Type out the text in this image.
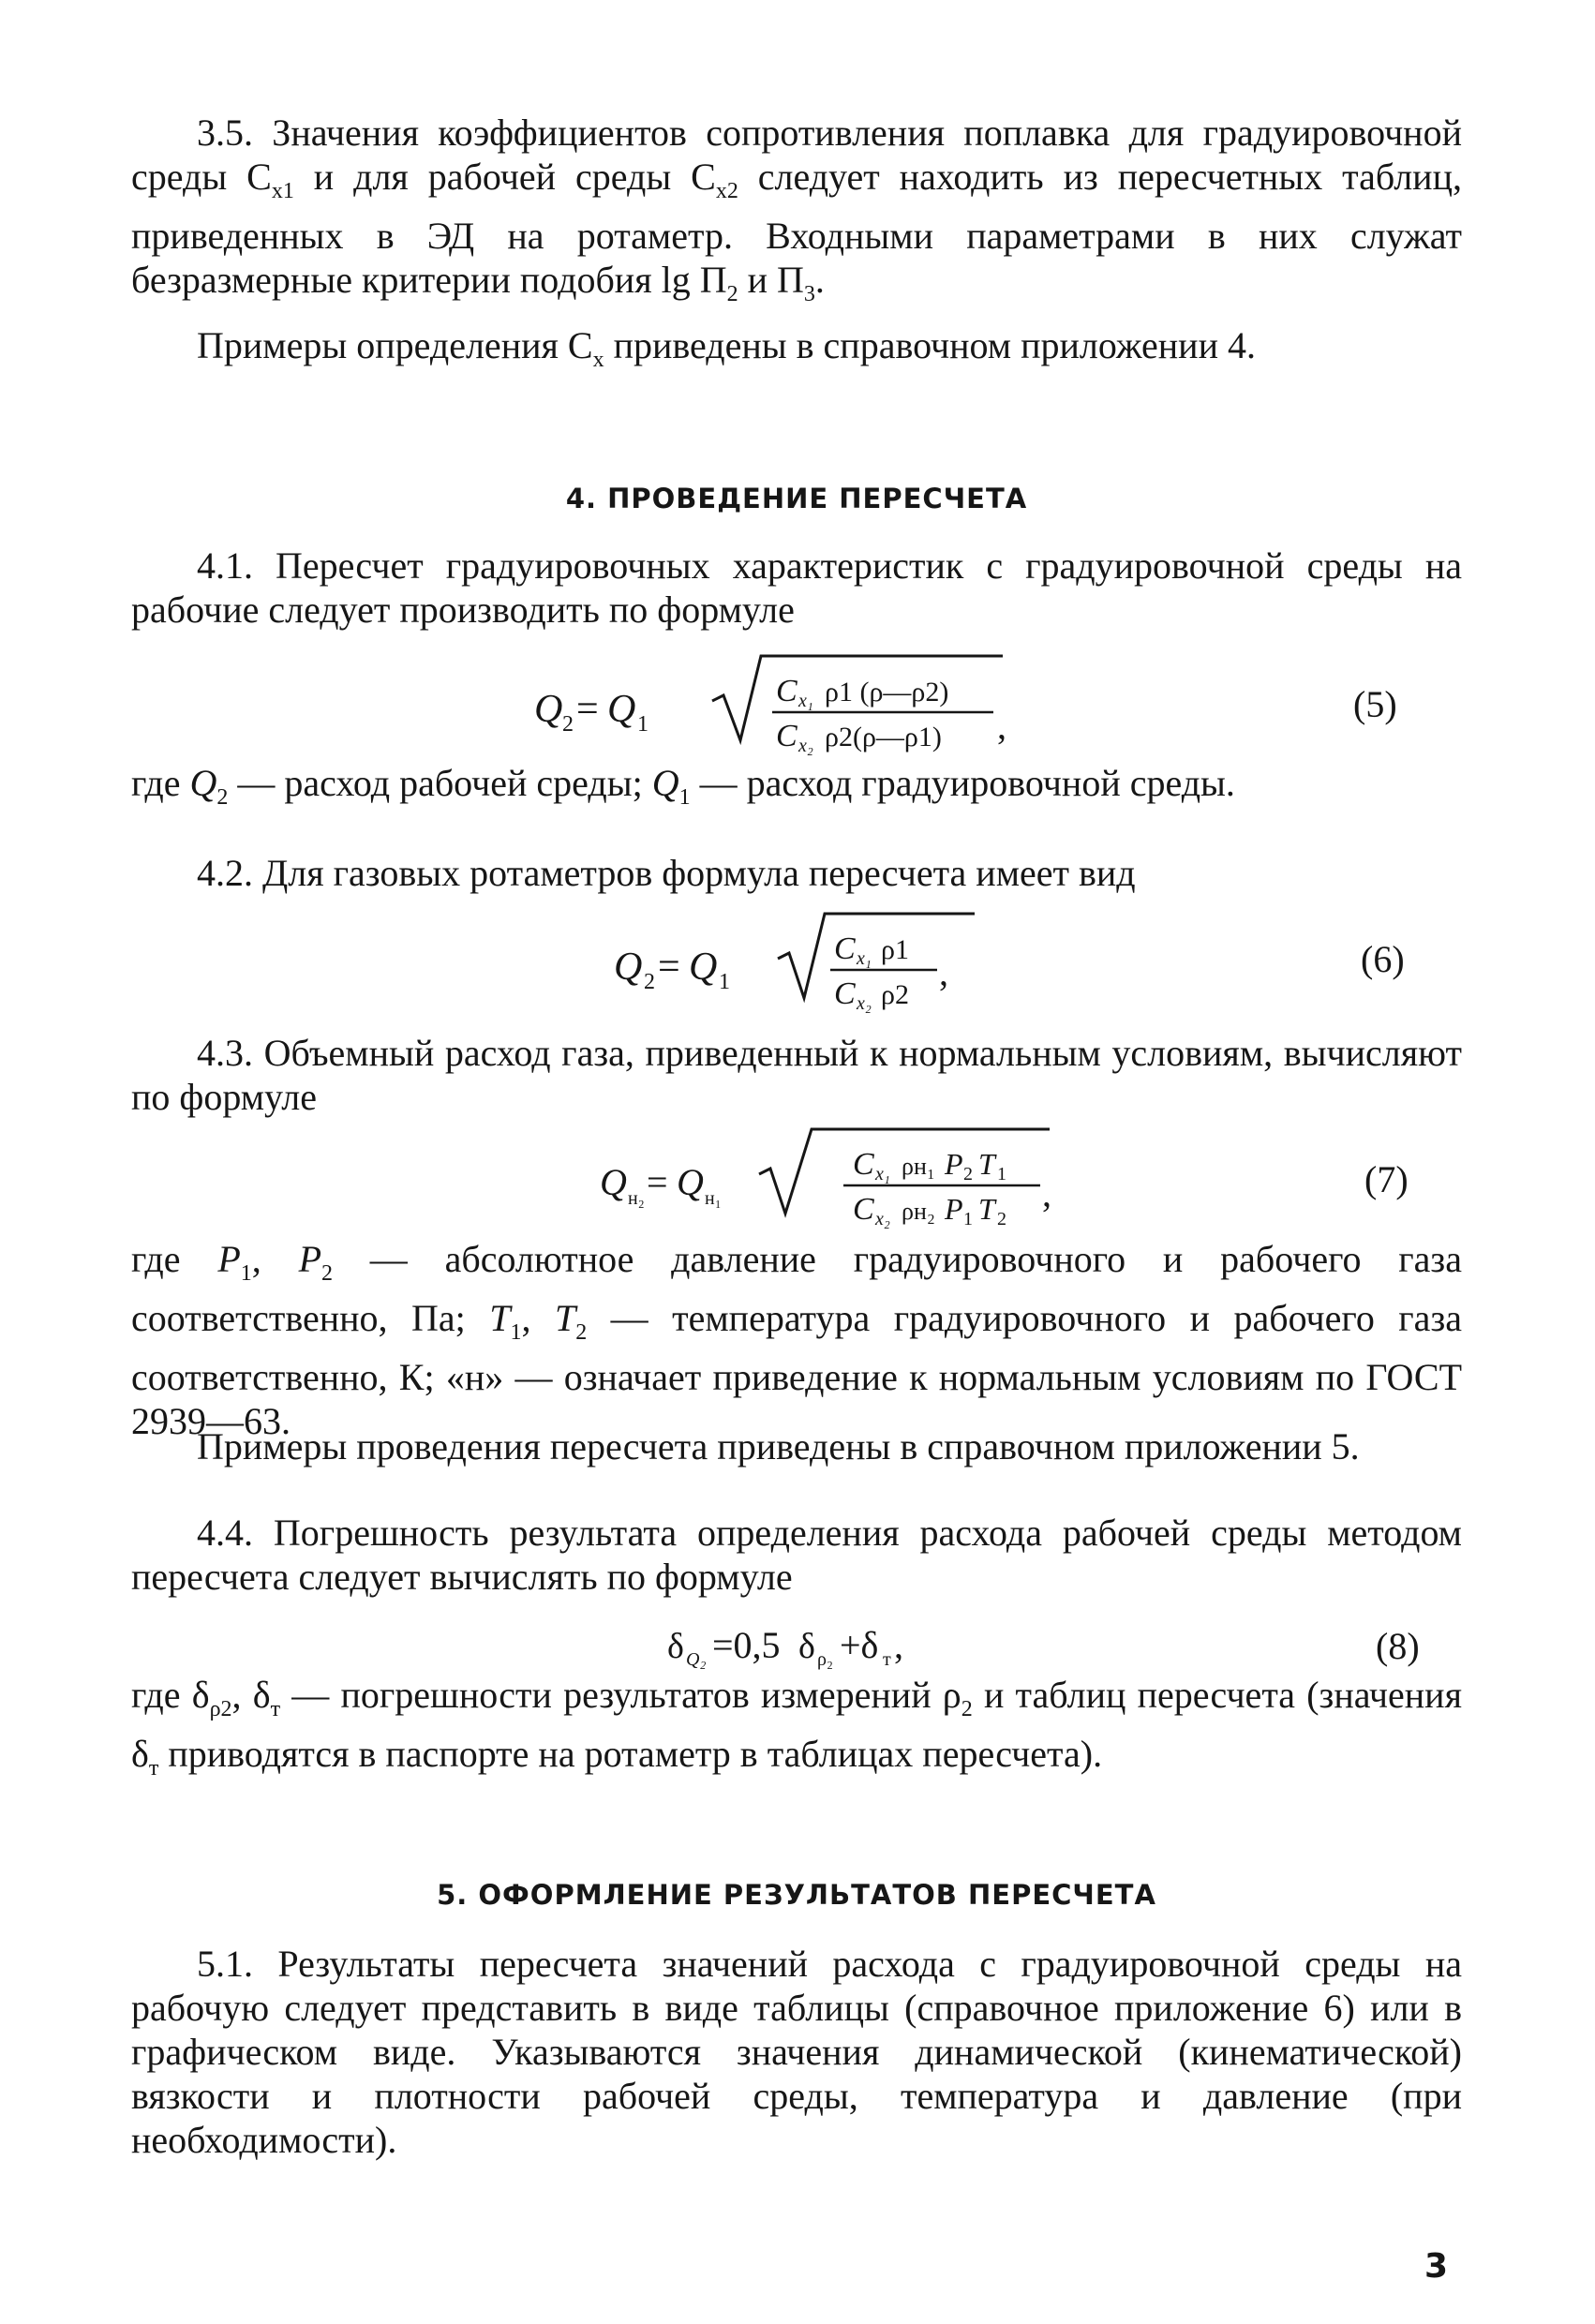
3.5. Значения коэффициентов сопротивления поплавка для градуировочной среды $C_{x1}$ и для рабочей среды $C_{x2}$ следует находить из пересчетных таблиц, приведенных в ЭД на ротаметр. Входными параметрами в них служат безразмерные критерии подобия $\lg П_2$ и $П_3$.

Примеры определения $C_x$ приведены в справочном приложении 4.

4. ПРОВЕДЕНИЕ ПЕРЕСЧЕТА

4.1. Пересчет градуировочных характеристик с градуировочной среды на рабочие следует производить по формуле

Q 2 = Q 1
C x₁ ρ1 (ρ—ρ2)
C x₂ ρ2(ρ—ρ1) ,
(5)

где $Q_2$ — расход рабочей среды; $Q_1$ — расход градуировочной среды.

4.2. Для газовых ротаметров формула пересчета имеет вид

Q 2 = Q 1
C x₁ ρ1
C x₂ ρ2
,	(6)

4.3. Объемный расход газа, приведенный к нормальным условиям, вычисляют по формуле

Q н₂ = Q н₁
C x₁ ρн₁ P 2 T 1
C x₂ ρн₂ P 1 T 2
,	(7)

где $P_1$, $P_2$ — абсолютное давление градуировочного и рабочего газа соответственно, Па; $T_1$, $T_2$ — температура градуировочного и рабочего газа соответственно, К; «н» — означает приведение к нормальным условиям по ГОСТ 2939—63.

Примеры проведения пересчета приведены в справочном приложении 5.

4.4. Погрешность результата определения расхода рабочей среды методом пересчета следует вычислять по формуле

δ Q₂ =0,5 δ ρ₂ +δ т ,	(8)

где $\delta_{\rho 2}$, $\delta_т$ — погрешности результатов измерений $\rho_2$ и таблиц пересчета (значения $\delta_т$ приводятся в паспорте на ротаметр в таблицах пересчета).

5. ОФОРМЛЕНИЕ РЕЗУЛЬТАТОВ ПЕРЕСЧЕТА

5.1. Результаты пересчета значений расхода с градуировочной среды на рабочую следует представить в виде таблицы (справочное приложение 6) или в графическом виде. Указываются значения динамической (кинематической) вязкости и плотности рабочей среды, температура и давление (при необходимости).

3
